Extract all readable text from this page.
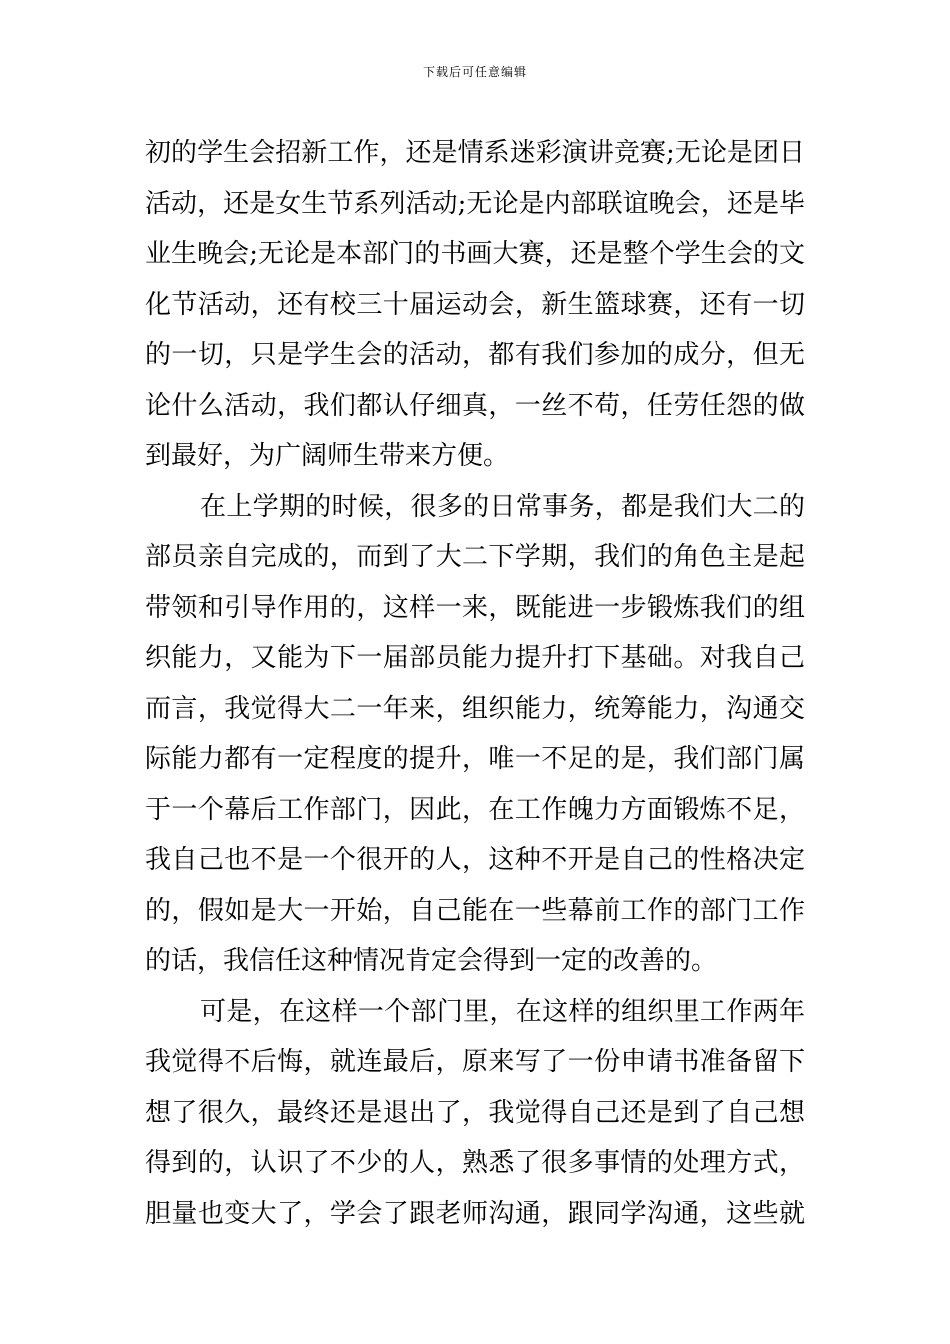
下载后可任意编辑
初的学生会招新工作，还是情系迷彩演讲竞赛;无论是团日
活动，还是女生节系列活动;无论是内部联谊晚会，还是毕
业生晚会;无论是本部门的书画大赛，还是整个学生会的文
化节活动，还有校三十届运动会，新生篮球赛，还有一切
的一切，只是学生会的活动，都有我们参加的成分，但无
论什么活动，我们都认仔细真，一丝不苟，任劳任怨的做
到最好，为广阔师生带来方便。
在上学期的时候，很多的日常事务，都是我们大二的
部员亲自完成的，而到了大二下学期，我们的角色主是起
带领和引导作用的，这样一来，既能进一步锻炼我们的组
织能力，又能为下一届部员能力提升打下基础。对我自己
而言，我觉得大二一年来，组织能力，统筹能力，沟通交
际能力都有一定程度的提升，唯一不足的是，我们部门属
于一个幕后工作部门，因此，在工作魄力方面锻炼不足，
我自己也不是一个很开的人，这种不开是自己的性格决定
的，假如是大一开始，自己能在一些幕前工作的部门工作
的话，我信任这种情况肯定会得到一定的改善的。
可是，在这样一个部门里，在这样的组织里工作两年
我觉得不后悔，就连最后，原来写了一份申请书准备留下
想了很久，最终还是退出了，我觉得自己还是到了自己想
得到的，认识了不少的人，熟悉了很多事情的处理方式，
胆量也变大了，学会了跟老师沟通，跟同学沟通，这些就
